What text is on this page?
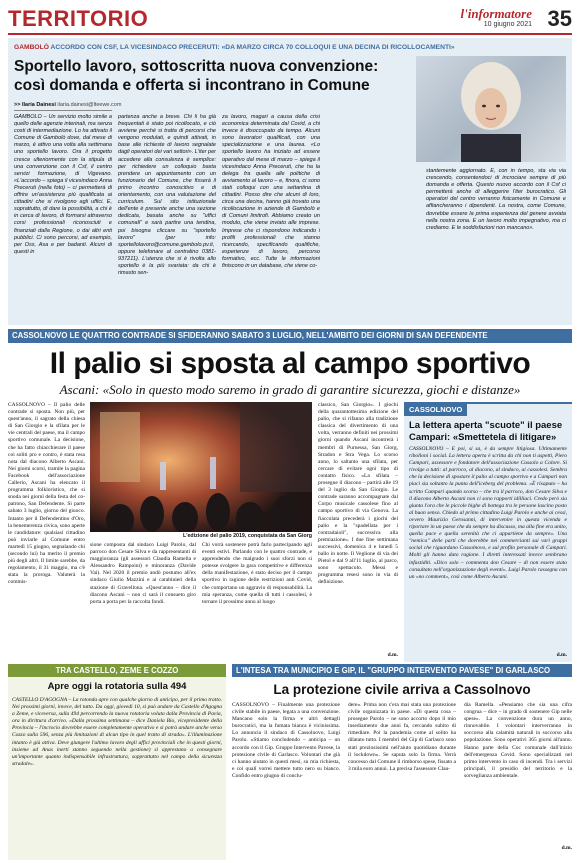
TERRITORIO	l'informatore
10 giugno 2021 35
GAMBOLÒ ACCORDO CON CSF, LA VICESINDACO PRECERUTI: «DA MARZO CIRCA 70 COLLOQUI E UNA DECINA DI RICOLLOCAMENTI»
Sportello lavoro, sottoscritta nuova convenzione:
così domanda e offerta si incontrano in Comune
>> Ilaria Dainesi ilaria.dainesi@lteewe.com
GAMBOLÒ – Un servizio molto simile a quello delle agenzie interinali, ma senza costi di intermediazione. Lo ha attivato il Comune di Gambolò dove, dal mese di marzo, è attivo una volta alla settimana uno sportello lavoro. Ora il progetto cresce ulteriormente con la stipula di una convenzione con il Csf, il centro servizi formazione, di Vigevano. «L'accordo – spiega il vicesindaco Anna Preceruti (nella foto) – ci permetterà di offrire un'assistenza più qualificata ai cittadini che si rivolgono agli uffici. E, soprattutto, di dare la possibilità, a chi è in cerca di lavoro, di formarsi attraverso corsi professionali riconosciuti e finanziati dalla Regione, o dai altri enti pubblici. Ci sono percorsi, ad esempio, per Oss, Asa e per badanti. Alcuni di questi in
partenza anche a breve. Chi li ha già frequentati è stato poi ricollocato, e ciò avviene perché si tratta di percorsi che vengono modulati, e quindi attivati, in base alle richieste di lavoro segnalate dagli operatori dei vari settori». L'iter per accedere alla consulenza è semplice: per richiedere un colloquio basta prendere un appuntamento con un funzionario del Comune, che fisserà il primo incontro conoscitivo e di orientamento, con una valutazione del curriculum. Sul sito istituzionale dell'ente è presente anche una sezione dedicata, basata anche su "uffici comunali" e sarà partire una tendina, poi bisogna cliccare su "sportello lavoro" (per info: sportellolavoro@comune.gambolo.pv.it, oppure telefonare al centralino 0381-937211). L'utenza che si è rivolta allo sportello è la più svariata: da chi è rimasto sen-
za lavoro, magari a causa della crisi economica determinata dal Covid, a chi invece è disoccupato da tempo. Alcuni sono lavoratori qualificati, con una specializzazione e una laurea. «Lo sportello lavoro ha iniziato ad essere operativo dal mese di marzo – spiega il vicesindaco Anna Preceruti, che ha la delega fra quella alle politiche di avviamento al lavoro – e, finora, ci sono stati colloqui con una settantina di cittadini. Posso dire che alcuni di loro, circa una decina, hanno già trovato una ricollocazione in aziende di Gambolò e di Comuni limitrofi. Abbiamo creato un modulo, che viene inviato alle imprese. Imprese che ci rispondono indicando i profili professionali che stanno ricercando, specificando qualifiche, esperienze di lavoro, percorso formativo, ecc. Tutte le informazioni finiscono in un database, che viene co-
stantemente aggiornato. E, con in tempo, sta via via crescendo, consentendoci di incrociare sempre di più domanda e offerta. Questo nuovo accordo con il Csf ci permetterà anche di alleggerire l'iter burocratico. Gli operatori del centro verranno fisicamente in Comune e affiancheranno i dipendenti. La nostra, come Comune, dovrebbe essere la prima esperienza del genere avviata nella nostra zona. E un lavoro molto impegnativo, ma ci crediamo. E le soddisfazioni non mancano».
CASSOLNOVO LE QUATTRO CONTRADE SI SFIDERANNO SABATO 3 LUGLIO, NELL'AMBITO DEI GIORNI DI SAN DEFENDENTE
Il palio si sposta al campo sportivo
Ascani: «Solo in questo modo saremo in grado di garantire sicurezza, giochi e distanze»
CASSOLNOVO – Il palio delle contrade si sposta. Non più, per quest'anno, il sagrato della chiesa di San Giorgio e la sfilata per le vie centrali del paese, ma il campo sportivo comunale. La decisione, che ha fatto chiacchierare il paese coi soliti pro e contro, è stata resa nota dal diacono Alberto Ascani. Nei giorni scorsi, tramite la pagina Facebook dell'associazione Callerio, Ascani ha elencato il programma folkloristico, che si snoda nei giorni della festa del co-patrono, San Defendente. Si parte sabato 3 luglio, giorno del giuoco. Intanto per il Defendentino d'Oro, la benemerenza civica, sono aperte le candidature: qualsiasi cittadino può inviarle al Comune entro martedì 15 giugno, segnalando chi (secondo lui) ha merito il premio più degli altri. Il limite sarebbe, da regolamento, il 31 maggio, ma c'è stata la proroga. Valuterà la commis-
L'edizione del palio 2019, conquistata da San Giorg
sione composta dal sindaco Luigi Parolo, dal parroco don Cesare Silva e da rappresentanti di maggioranza (gli assessori Claudia Ramella e Alessandro Rampoini) e minoranza (Davide Vai). Nel 2020 il premio andò postumo all'ex sindaco Giulio Mazzini e ai carabinieri della stazione di Gravellona. «Quest'anno – dice il diacono Ascani – non ci sarà il consueto giro porta a porta per la raccolta fondi.
Chi vorrà sostenere potrà farlo partecipando agli eventi estivi. Parlando con le quattro contrade, e apprendendo che malgrado i suoi sforzi non si potesse svolgere la gara competitive e differenza della manifestazione, è stato deciso per il campo sportivo in ragione delle restrizioni anti Covid, che comportano un aggravio di responsabilità. La mia speranza, come quella di tutti i cassolesi, è tornare il prossimo anno al luogo
classico, San Giorgio». I giochi della quarantottesima edizione del palio, che si rifanno alla tradizione classica del divertimento di una volta, verranno definiti nei prossimi giorni quando Ascani incontrerà i membri di Purnessa, San Giorg, Stradon e Stra Vega. Lo scorso anno, lo saltanto una sfilata, per cercare di evitare ogni tipo di contatto fisico. «La sfilata – prosegue il diacono – partirà alle 19 del 3 luglio da San Giorgio. Le contrade saranno accompagnate dal Corpo musicale cassolese fino al campo sportivo di via Genova. La fiaccolata precederà i giochi del palio e la "spadellata per i contradaioli", successiva alla premiazione». I due fine settimana successivi, domenica 4 e lunedì 5 ballo in notte. Il Veglione di via dei Pietol e dal 9 all'11 luglio, al parco, sono spettacolo. Messi e programma resesi sono in via di definizione.
d.m.
CASSOLNOVO
La lettera aperta "scuote" il paese Campari: «Smettetela di litigare»
CASSOLNOVO – E poi, si sa, è da sempre litigiosa. Ultimamente ribolloni i social. La lettera aperta è scritta da chi non ti aspetti, Piero Campari, assessore e fondatore dell'associazione Cassolo a Colore. Si rivolge a tutti: al parroco, al diacono, al sindaco, ai cassolesi. Sembra che la decisione di spostare il palio al campo sportivo e a Campari non piaci sia soltanto la punta dell'iceberg del problema. «È risaputo – ha scritto Campari quando scorso – che tra il parroco, don Cesare Silva e il diacono Alberto Ascani non ci sono rapporti idilliaci. Credo però sia giunta l'ora che le piccole bighe di bottega tra le persone lascino posto al buon senso. Chiedo al primo cittadino Luigi Parolo e anche ai cessi, ovvero Maurizio Gerosanni, di intervenire in questa vicenda e riportare in un paese che da sempre ha discusso, ma alla fine era unito, quella pace e quella serenità che ci appartiene da sempre». Una "nemica" delle parti che dovrebbe nei commercianti sui vari gruppi social che riguardano Cassolnovo, e sul profilo personale di Campari. Molti gli hanno dato ragione. I diretti interessati invece sembrano infastiditi. «Dico solo – commenta don Cesare – di non essere stato consultato nell'organizzazione degli eventi». Luigi Parolo rassegna con un «no comment», così come Alberto Ascani.
d.m.
TRA CASTELLO, ZEME E COZZO
Apre oggi la rotatoria sulla 494
CASTELLO D'AGOGNA – La rotonda apre con qualche giorno di anticipo, per il primo tratto. Nei prossimi giorni, invece, del tutto. Da oggi, giovedì 10, si può andare da Castello d'Agogna a Zeme, e viceversa, sulla 494 percorrendo la nuova rotatoria voluta dalla Provincia di Pavia, ora in dirittura d'arrivo. «Dalla prossima settimana – dice Daniela Bio, vicepresidente della Provincia – l'incrocio dovrebbe essere completamente operativo e si potrà andare anche verso Cozzo sulla 596, senza più limitazioni di alcun tipo in quel tratto di strada». L'illuminazione intanto è già attiva. Deve giungere l'ultimo lavoro degli uffici provinciali che in questi giorni, insieme ad Anas inerti stanno seguendo nella gestione) si apprestano a consegnare un'importante quanto indispensabile infrastruttura, sopprattutto nel campo della sicurezza stradale».
L'INTESA TRA MUNICIPIO E GIP, IL "GRUPPO INTERVENTO PAVESE" DI GARLASCO
La protezione civile arriva a Cassolnovo
CASSOLNOVO – Finalmente una protezione civile stabile in paese, legata a una convenzione. Mancano solo la firma e altri dettagli burocratici, ma la fumata bianca è vicinissima. Lo annuncia il sindaco di Cassolnovo, Luigi Parolo. «Stiamo concludendo – anticipa – un accordo con il Gip. Gruppo Intervento Pavese, la protezione civile di Garlasco. Volontari che già ci hanno aiutato in questi mesi, su mia richiesta, e coi quali vorrei mettere tutto nero su bianco. Confido entro giugno di conclu-
dere». Prima non c'era mai stata una protezione civile organizzata in paese. «Di questa cosa – prosegue Parolo – ne sono accorto dopo il mio insediamento due anni fa, cercando subito di rimediare. Poi la pandemia come al solito ha dilatato tutto. I membri del Gip di Garlasco sono stati preziosissimi nell'aiuto quotidiano durante il lockdown». Se saputa solo la firma. Verrà concesso dal Comune il rimborso spese, fissato a 3 mila euro annui. La precisa l'assessore Clau-
dia Ramella. «Pensiamo che sia una cifra congrua – dice – in grado di sostenere Gip nelle spese». La convenzione dura un anno, rinnovabile. I volontari interverranno in soccorso alla calamità naturali in soccorso alla popolazione. Sono operativi 365 giorni all'anno. Hanno parte della Coc comunale dall'inizio dell'emergenza Covid. Sono specializzati nel primo intervento in caso di incendi. Tra i servizi principali, il presidio del territorio e la sorveglianza ambientale.
d.m.
